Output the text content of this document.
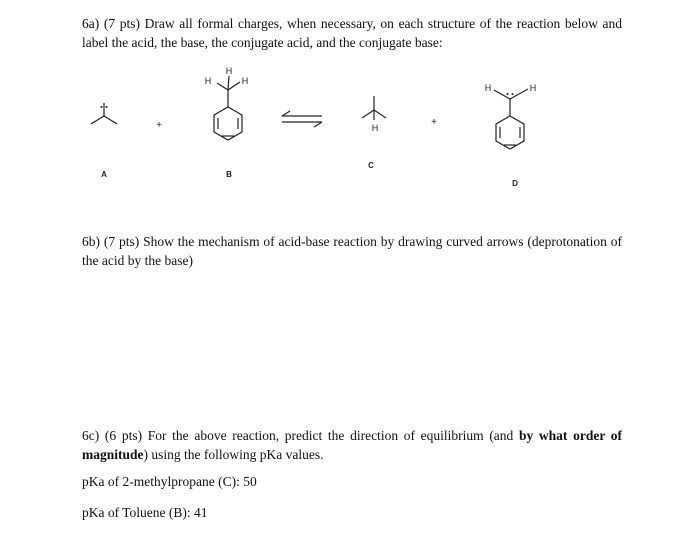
6a) (7 pts) Draw all formal charges, when necessary, on each structure of the reaction below and label the acid, the base, the conjugate acid, and the conjugate base:
H
H	H
H
H	H
+	+
A	B
C
D
6b) (7 pts) Show the mechanism of acid-base reaction by drawing curved arrows (deprotonation of the acid by the base)
6c) (6 pts) For the above reaction, predict the direction of equilibrium (and by what order of magnitude) using the following pKa values.
pKa of 2-methylpropane (C): 50
pKa of Toluene (B): 41
